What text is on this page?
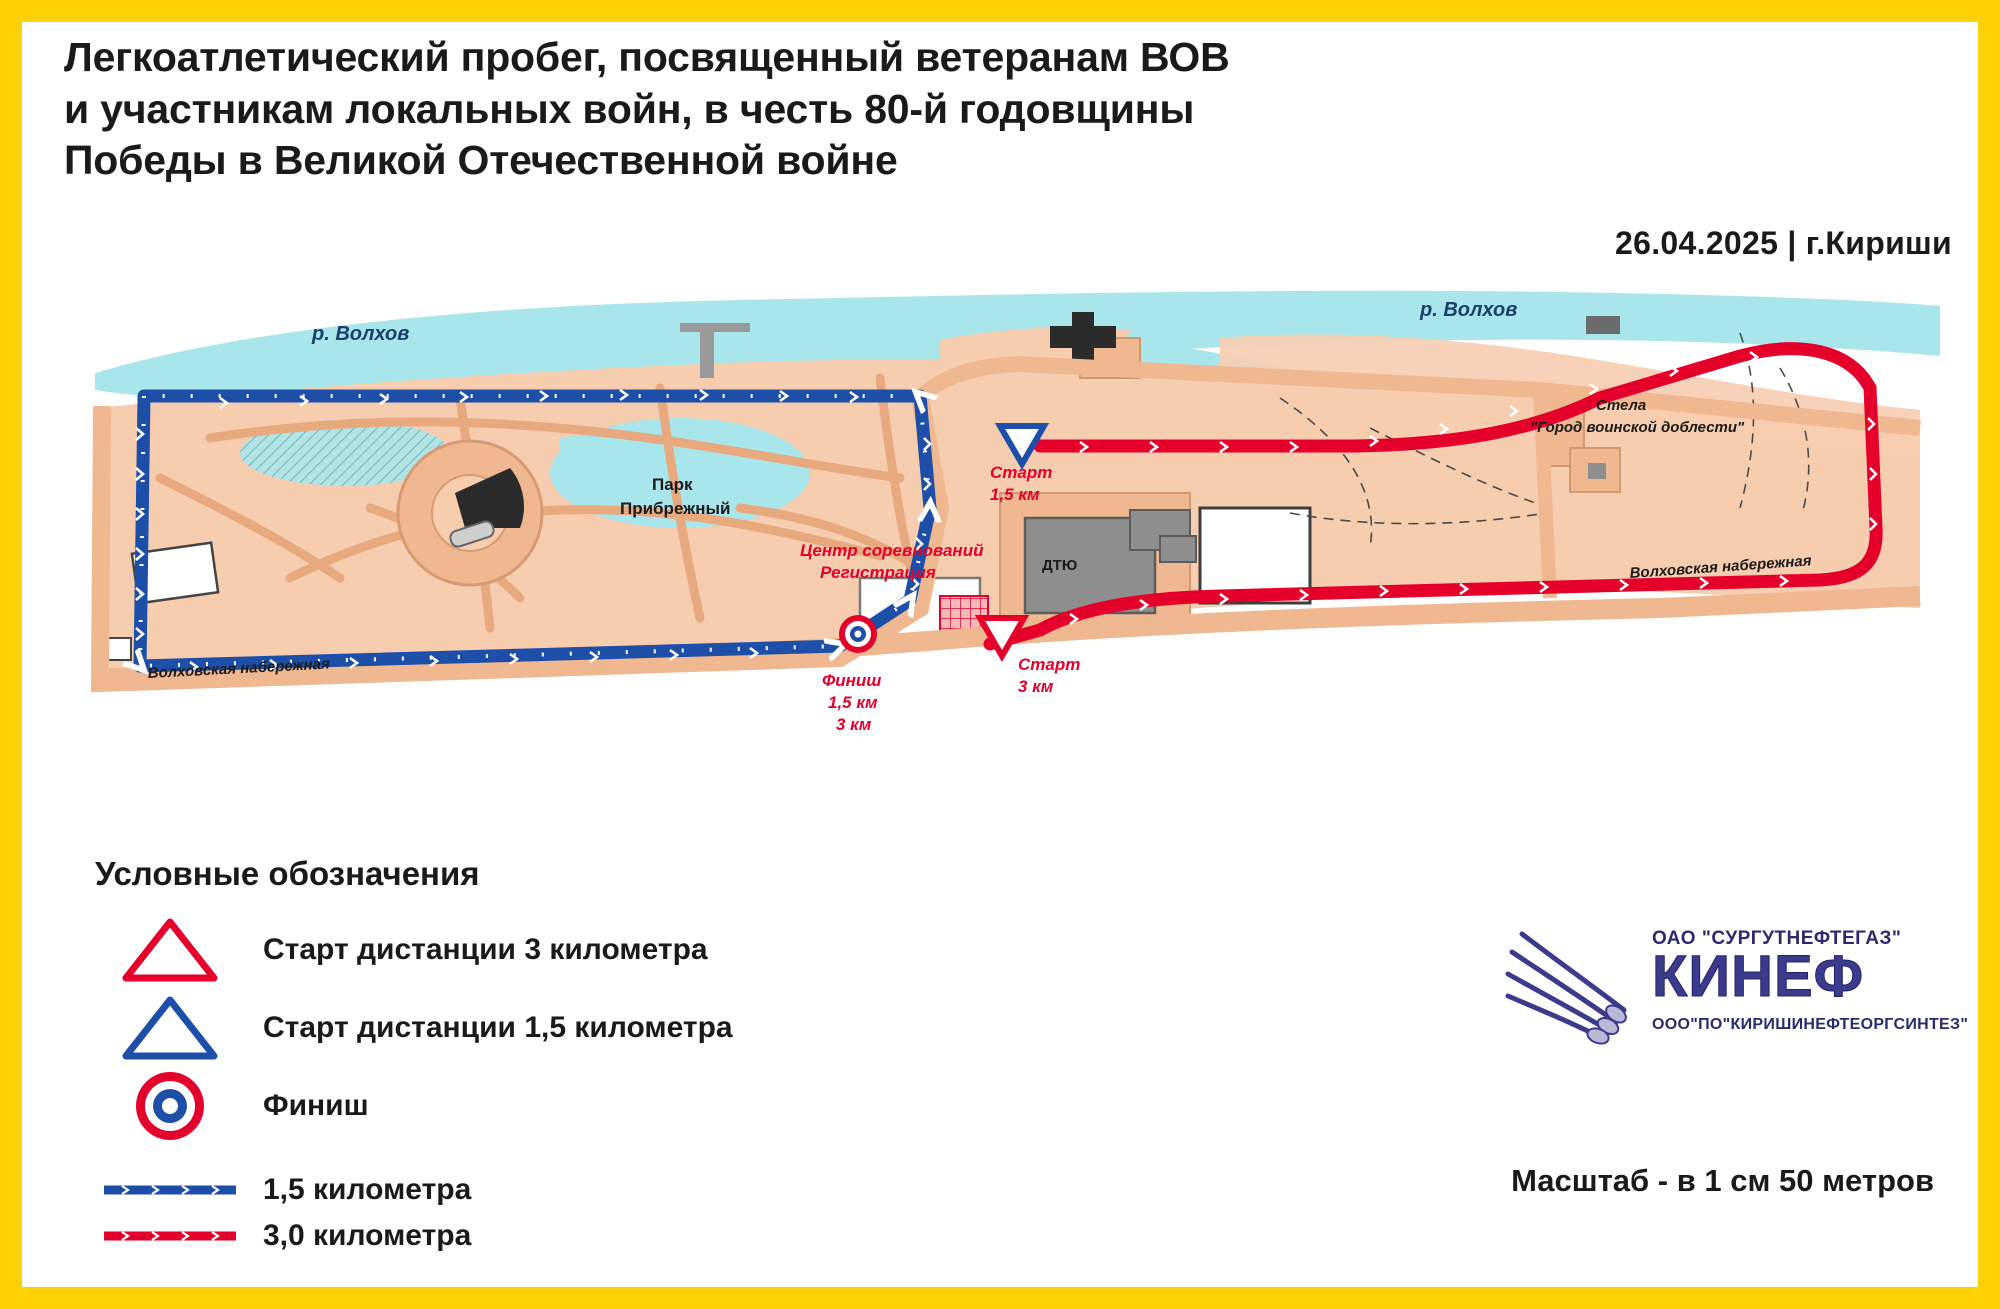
Легкоатлетический пробег, посвященный ветеранам ВОВ
и участникам локальных войн, в честь 80-й годовщины
Победы в Великой Отечественной войне
26.04.2025 | г.Кириши
р. Волхов
р. Волхов
Парк
Прибрежный
ДТЮ
Стела
"Город воинской доблести"
Волховская набережная
Волховская набережная
Старт
1,5 км
Центр соревнований
Регистрация
Старт
3 км
Финиш
1,5 км
3 км
Условные обозначения
Старт дистанции 3 километра
Старт дистанции 1,5 километра
Финиш
1,5 километра
3,0 километра
ОАО "СУРГУТНЕФТЕГАЗ"
КИНЕФ
ООО"ПО"КИРИШИНЕФТЕОРГСИНТЕЗ"
Масштаб - в 1 см 50 метров
